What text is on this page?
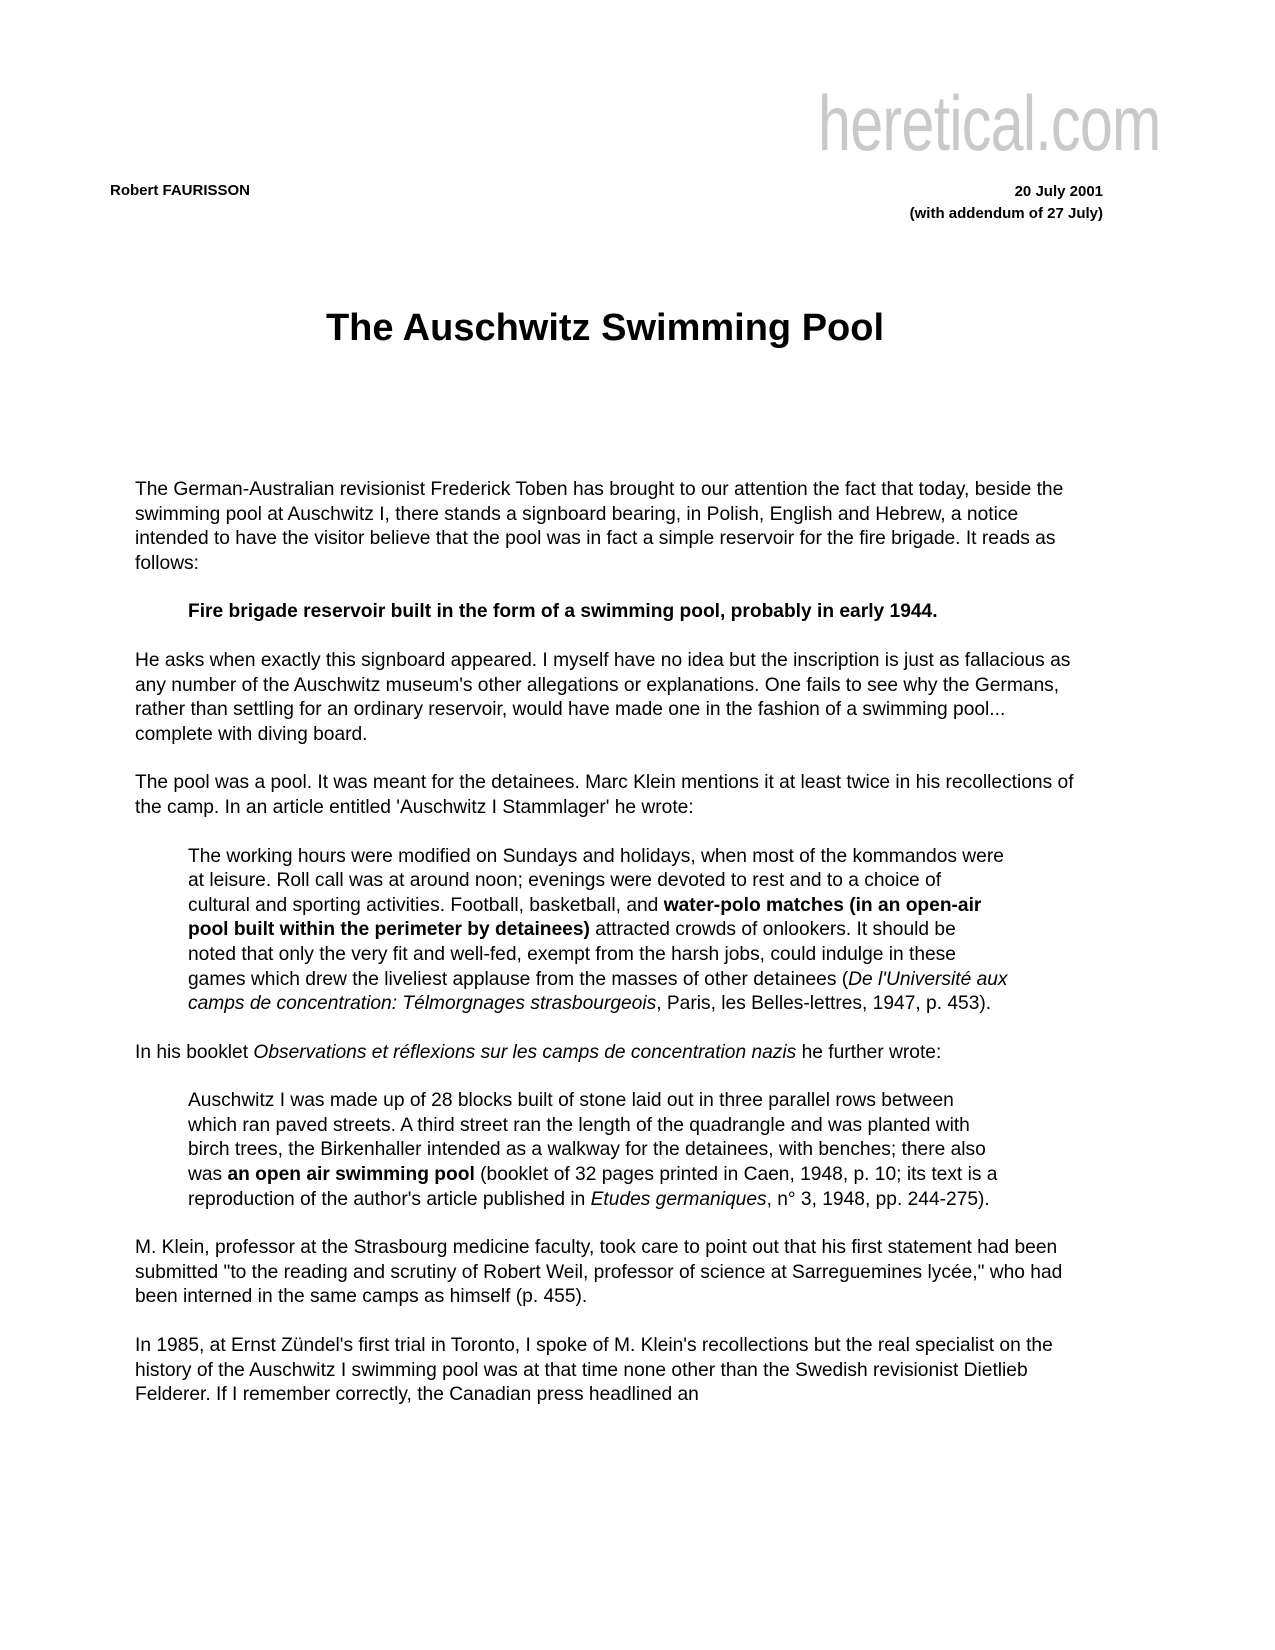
heretical.com
Robert FAURISSON	20 July 2001
(with addendum of 27 July)
The Auschwitz Swimming Pool

The German-Australian revisionist Frederick Toben has brought to our attention the fact that today, beside the swimming pool at Auschwitz I, there stands a signboard bearing, in Polish, English and Hebrew, a notice intended to have the visitor believe that the pool was in fact a simple reservoir for the fire brigade. It reads as follows:

Fire brigade reservoir built in the form of a swimming pool, probably in early 1944.

He asks when exactly this signboard appeared. I myself have no idea but the inscription is just as fallacious as any number of the Auschwitz museum's other allegations or explanations. One fails to see why the Germans, rather than settling for an ordinary reservoir, would have made one in the fashion of a swimming pool... complete with diving board.

The pool was a pool. It was meant for the detainees. Marc Klein mentions it at least twice in his recollections of the camp. In an article entitled 'Auschwitz I Stammlager' he wrote:

The working hours were modified on Sundays and holidays, when most of the kommandos were at leisure. Roll call was at around noon; evenings were devoted to rest and to a choice of cultural and sporting activities. Football, basketball, and water-polo matches (in an open-air pool built within the perimeter by detainees) attracted crowds of onlookers. It should be noted that only the very fit and well-fed, exempt from the harsh jobs, could indulge in these games which drew the liveliest applause from the masses of other detainees (De l'Université aux camps de concentration: Télmorgnages strasbourgeois, Paris, les Belles-lettres, 1947, p. 453).

In his booklet Observations et réflexions sur les camps de concentration nazis he further wrote:

Auschwitz I was made up of 28 blocks built of stone laid out in three parallel rows between which ran paved streets. A third street ran the length of the quadrangle and was planted with birch trees, the Birkenhaller intended as a walkway for the detainees, with benches; there also was an open air swimming pool (booklet of 32 pages printed in Caen, 1948, p. 10; its text is a reproduction of the author's article published in Etudes germaniques, n° 3, 1948, pp. 244-275).

M. Klein, professor at the Strasbourg medicine faculty, took care to point out that his first statement had been submitted "to the reading and scrutiny of Robert Weil, professor of science at Sarreguemines lycée," who had been interned in the same camps as himself (p. 455).

In 1985, at Ernst Zündel's first trial in Toronto, I spoke of M. Klein's recollections but the real specialist on the history of the Auschwitz I swimming pool was at that time none other than the Swedish revisionist Dietlieb Felderer. If I remember correctly, the Canadian press headlined an
